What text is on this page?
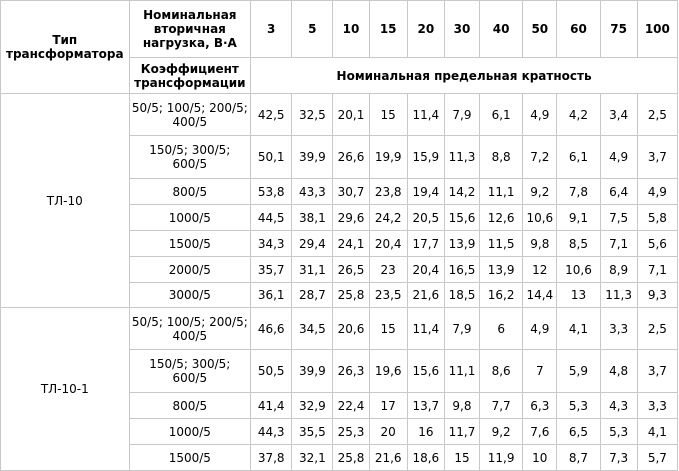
Тип трансформатора	Номинальная вторичная нагрузка, В·А	3	5	10	15	20	30	40	50	60	75	100
	Коэффициент трансформации	Номинальная предельная кратность										
ТЛ-10	50/5; 100/5; 200/5; 400/5	42,5	32,5	20,1	15	11,4	7,9	6,1	4,9	4,2	3,4	2,5
	150/5; 300/5; 600/5	50,1	39,9	26,6	19,9	15,9	11,3	8,8	7,2	6,1	4,9	3,7
	800/5	53,8	43,3	30,7	23,8	19,4	14,2	11,1	9,2	7,8	6,4	4,9
	1000/5	44,5	38,1	29,6	24,2	20,5	15,6	12,6	10,6	9,1	7,5	5,8
	1500/5	34,3	29,4	24,1	20,4	17,7	13,9	11,5	9,8	8,5	7,1	5,6
	2000/5	35,7	31,1	26,5	23	20,4	16,5	13,9	12	10,6	8,9	7,1
	3000/5	36,1	28,7	25,8	23,5	21,6	18,5	16,2	14,4	13	11,3	9,3
ТЛ-10-1	50/5; 100/5; 200/5; 400/5	46,6	34,5	20,6	15	11,4	7,9	6	4,9	4,1	3,3	2,5
	150/5; 300/5; 600/5	50,5	39,9	26,3	19,6	15,6	11,1	8,6	7	5,9	4,8	3,7
	800/5	41,4	32,9	22,4	17	13,7	9,8	7,7	6,3	5,3	4,3	3,3
	1000/5	44,3	35,5	25,3	20	16	11,7	9,2	7,6	6,5	5,3	4,1
	1500/5	37,8	32,1	25,8	21,6	18,6	15	11,9	10	8,7	7,3	5,7
